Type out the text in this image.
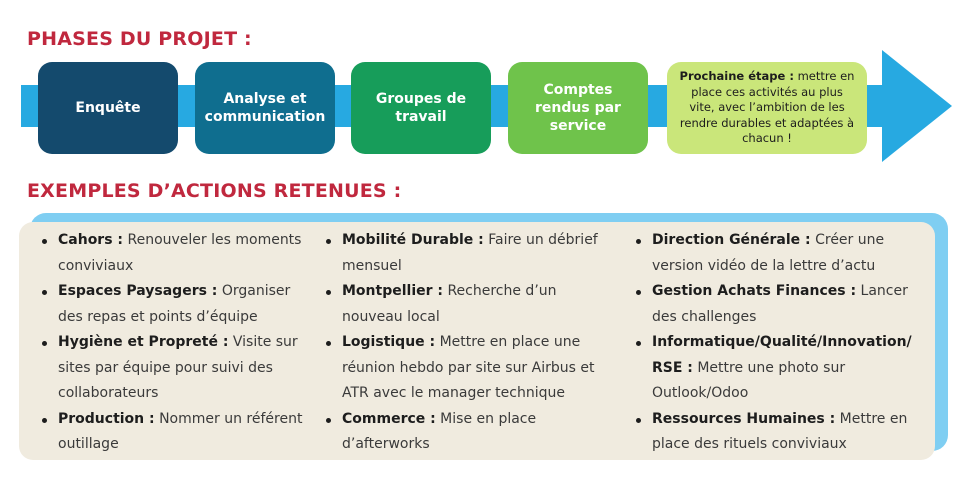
PHASES DU PROJET :
Enquête
Analyse et
communication
Groupes de
travail
Comptes
rendus par
service
Prochaine étape : mettre en place ces activités au plus vite, avec l’ambition de les rendre durables et adaptées à chacun !
EXEMPLES D’ACTIONS RETENUES :
Cahors : Renouveler les moments conviviaux
Espaces Paysagers : Organiser des repas et points d’équipe
Hygiène et Propreté : Visite sur sites par équipe pour suivi des collaborateurs
Production : Nommer un référent outillage
Mobilité Durable : Faire un débrief mensuel
Montpellier : Recherche d’un nouveau local
Logistique : Mettre en place une réunion hebdo par site sur Airbus et ATR avec le manager technique
Commerce : Mise en place d’afterworks
Direction Générale : Créer une version vidéo de la lettre d’actu
Gestion Achats Finances : Lancer des challenges
Informatique/Qualité/Innovation/ RSE : Mettre une photo sur Outlook/Odoo
Ressources Humaines : Mettre en place des rituels conviviaux
